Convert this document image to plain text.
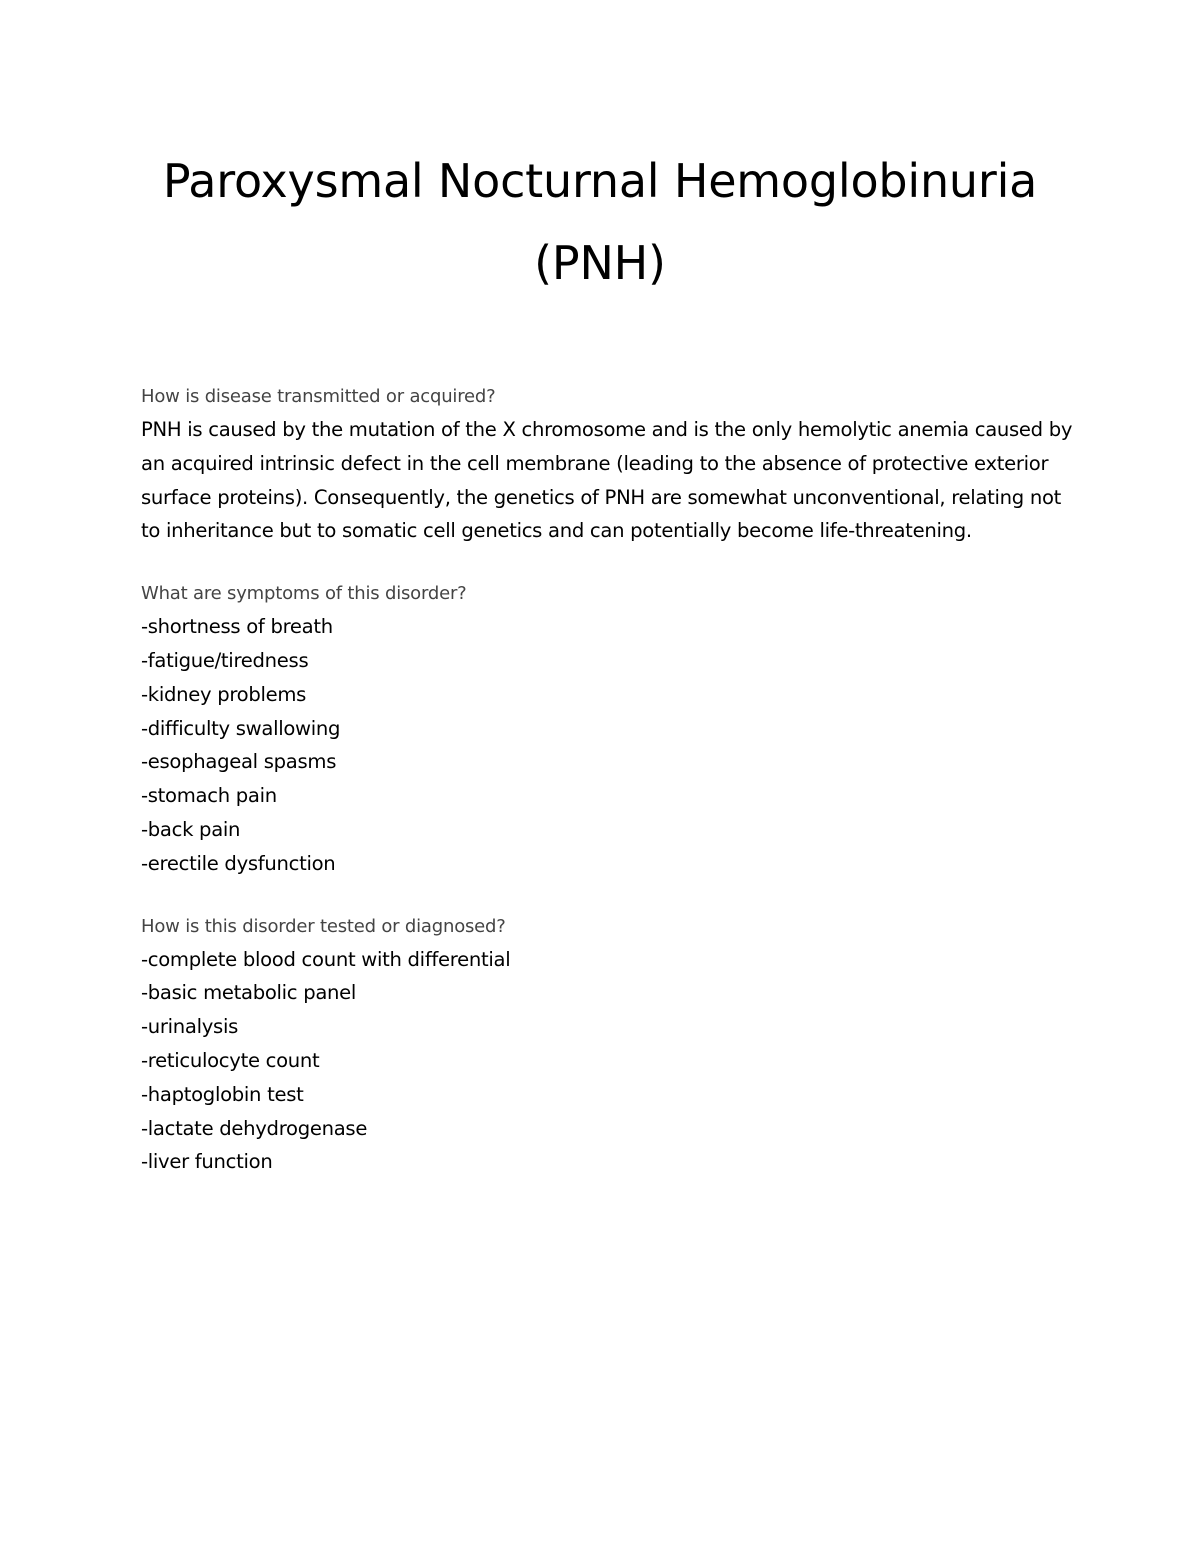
Paroxysmal Nocturnal Hemoglobinuria
(PNH)

How is disease transmitted or acquired?

PNH is caused by the mutation of the X chromosome and is the only hemolytic anemia caused by an acquired intrinsic defect in the cell membrane (leading to the absence of protective exterior surface proteins). Consequently, the genetics of PNH are somewhat unconventional, relating not to inheritance but to somatic cell genetics and can potentially become life-threatening.

What are symptoms of this disorder?

-shortness of breath
-fatigue/tiredness
-kidney problems
-difficulty swallowing
-esophageal spasms
-stomach pain
-back pain
-erectile dysfunction

How is this disorder tested or diagnosed?

-complete blood count with differential
-basic metabolic panel
-urinalysis
-reticulocyte count
-haptoglobin test
-lactate dehydrogenase
-liver function
